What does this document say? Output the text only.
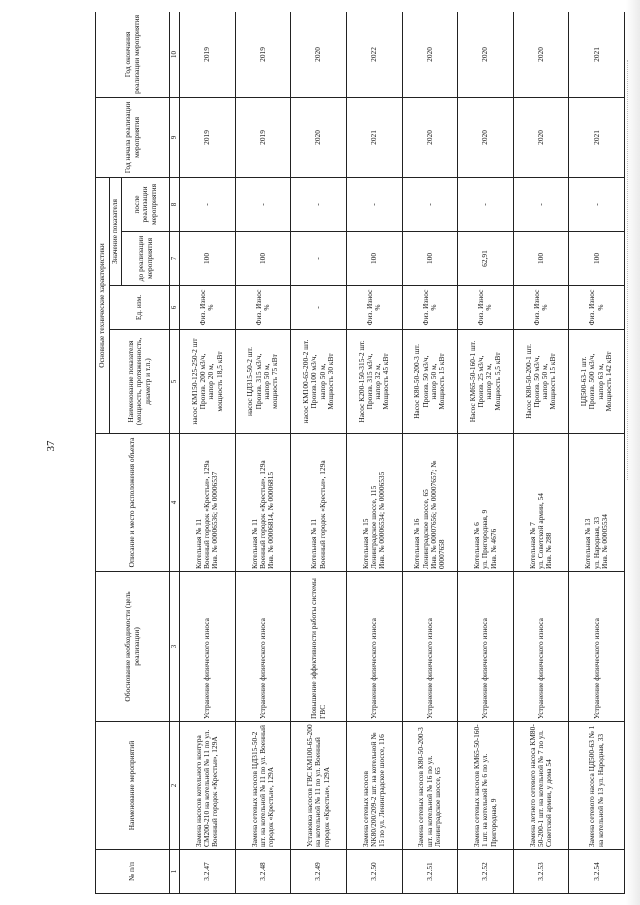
37
№ п/п	Наименование мероприятий	Обоснование необходимости (цель реализации)	Описание и место расположения объекта	Основные технические характеристики				Год начала реализации мероприятия	Год окончания реализации мероприятия
				Наименование показателя (мощность, протяженность, диаметр и т.п.)	Ед. изм.	Значение показателя			
						до реализации мероприятия	после реализации мероприятия		
1	2	3	4	5	6	7	8	9	10
3.2.47	Замена насосов котельного контура СМ200-210 на котельной № 11 по ул. Военный городок «Крестьи», 129А	Устранение физического износа	Котельная № 11
Военный городок «Крестьи», 129а
Инв. № 00006536; № 00006537	насос КМ150-125-250-2 шт
Произв. 200 м3/ч,
напор 20 м,
мощность 18,5 кВт	Физ. Износ %	100	-	2019	2019
3.2.48	Замена сетевых насосов ЦД315-50-2 шт. на котельной № 11 по ул. Военный городок «Крестьи», 129А	Устранение физического износа	Котельная № 11
Военный городок «Крестьи», 129а
Инв. № 00006814, № 00006815	насос ЦД315-50-2 шт.
Произв. 315 м3/ч,
напор 50 м,
мощность 75 кВт	Физ. Износ %	100	-	2019	2019
3.2.49	Установка насосов ГВС КМ100-65-200 на котельной № 11 по ул. Военный городок «Крестьи», 129А	Повышение эффективности работы системы ГВС	Котельная № 11
Военный городок «Крестьи», 129а	насос КМ100-65-200-2 шт.
Произв.100 м3/ч,
напор 50 м,
Мощность 30 кВт	-	-	-	2020	2020
3.2.50	Замена сетевых насосов NK80/200/209-2 шт. на котельной № 15 по ул. Ленинградское шоссе, 116	Устранение физического износа	Котельная № 15
Ленинградское шоссе, 115
Инв. № 00006534; № 00006535	Насос К200-150-315-2 шт.
Произв. 315 м3/ч,
напор 32 м,
Мощность 45 кВт	Физ. Износ %	100	-	2021	2022
3.2.51	Замена сетевых насосов К80-50-200-3 шт. на котельной № 16 по ул. Ленинградское шоссе, 65	Устранение физического износа	Котельная № 16
Ленинградское шоссе, 65
Инв. № 00007656; № 00007657; № 00007658	Насос К80-50-200-3 шт.
Произв. 50 м3/ч,
напор 50 м,
Мощность 15 кВт	Физ. Износ %	100	-	2020	2020
3.2.52	Замена сетевых насосов КМ65-50-160-1 шт. на котельной № 6 по ул. Пригородная, 9	Устранение физического износа	Котельная № 6
ул. Пригородная, 9
Инв. № 4676	Насос КМ65-50-160-1 шт.
Произв. 25 м3/ч,
напор 32 м,
Мощность 5,5 кВт	Физ. Износ %	62,91	-	2020	2020
3.2.53	Замена летнего сетевого насоса КМ80-50-200-1 шт. на котельной № 7 по ул. Советской армии, у дома 54	Устранение физического износа	Котельная № 7
ул. Советской армии, 54
Инв. № 288	Насос К80-50-200-1 шт.
Произв. 50 м3/ч,
напор 50 м,
Мощность 15 кВт	Физ. Износ %	100	-	2020	2020
3.2.54	Замена сетевого насоса ЦД500-63 № 1 на котельной № 13 ул. Народная, 33	Устранение физического износа	Котельная № 13
ул. Народная, 33
Инв. № 00005534	ЦД500-63-1 шт.
Произв. 500 м3/ч,
напор 63 м,
Мощность 142 кВт	Физ. Износ %	100	-	2021	2021
